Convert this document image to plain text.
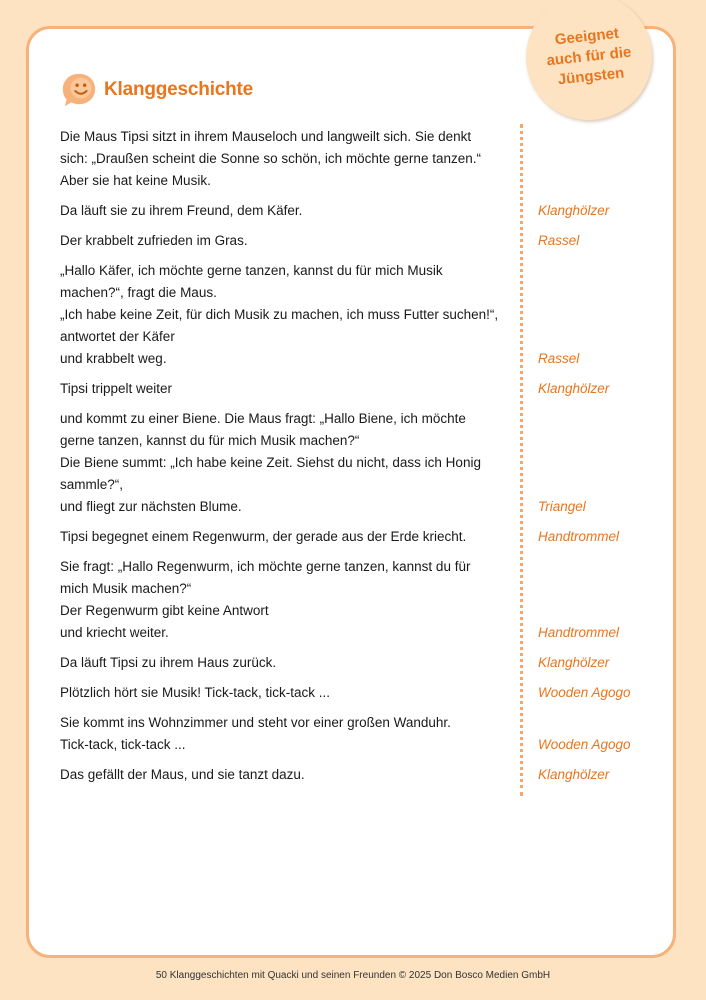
Geeignet
auch für die
Jüngsten
Klanggeschichte
Die Maus Tipsi sitzt in ihrem Mauseloch und langweilt sich. Sie denkt
sich: „Draußen scheint die Sonne so schön, ich möchte gerne tanzen.“
Aber sie hat keine Musik.
Da läuft sie zu ihrem Freund, dem Käfer.	Klanghölzer
Der krabbelt zufrieden im Gras.	Rassel
„Hallo Käfer, ich möchte gerne tanzen, kannst du für mich Musik
machen?“, fragt die Maus.
„Ich habe keine Zeit, für dich Musik zu machen, ich muss Futter suchen!“,
antwortet der Käfer
und krabbelt weg.	Rassel
Tipsi trippelt weiter	Klanghölzer
und kommt zu einer Biene. Die Maus fragt: „Hallo Biene, ich möchte
gerne tanzen, kannst du für mich Musik machen?“
Die Biene summt: „Ich habe keine Zeit. Siehst du nicht, dass ich Honig
sammle?“,
und fliegt zur nächsten Blume.	Triangel
Tipsi begegnet einem Regenwurm, der gerade aus der Erde kriecht.	Handtrommel
Sie fragt: „Hallo Regenwurm, ich möchte gerne tanzen, kannst du für
mich Musik machen?“
Der Regenwurm gibt keine Antwort
und kriecht weiter.	Handtrommel
Da läuft Tipsi zu ihrem Haus zurück.	Klanghölzer
Plötzlich hört sie Musik! Tick-tack, tick-tack ...	Wooden Agogo
Sie kommt ins Wohnzimmer und steht vor einer großen Wanduhr.
Tick-tack, tick-tack ...	Wooden Agogo
Das gefällt der Maus, und sie tanzt dazu.	Klanghölzer
50 Klanggeschichten mit Quacki und seinen Freunden © 2025 Don Bosco Medien GmbH
